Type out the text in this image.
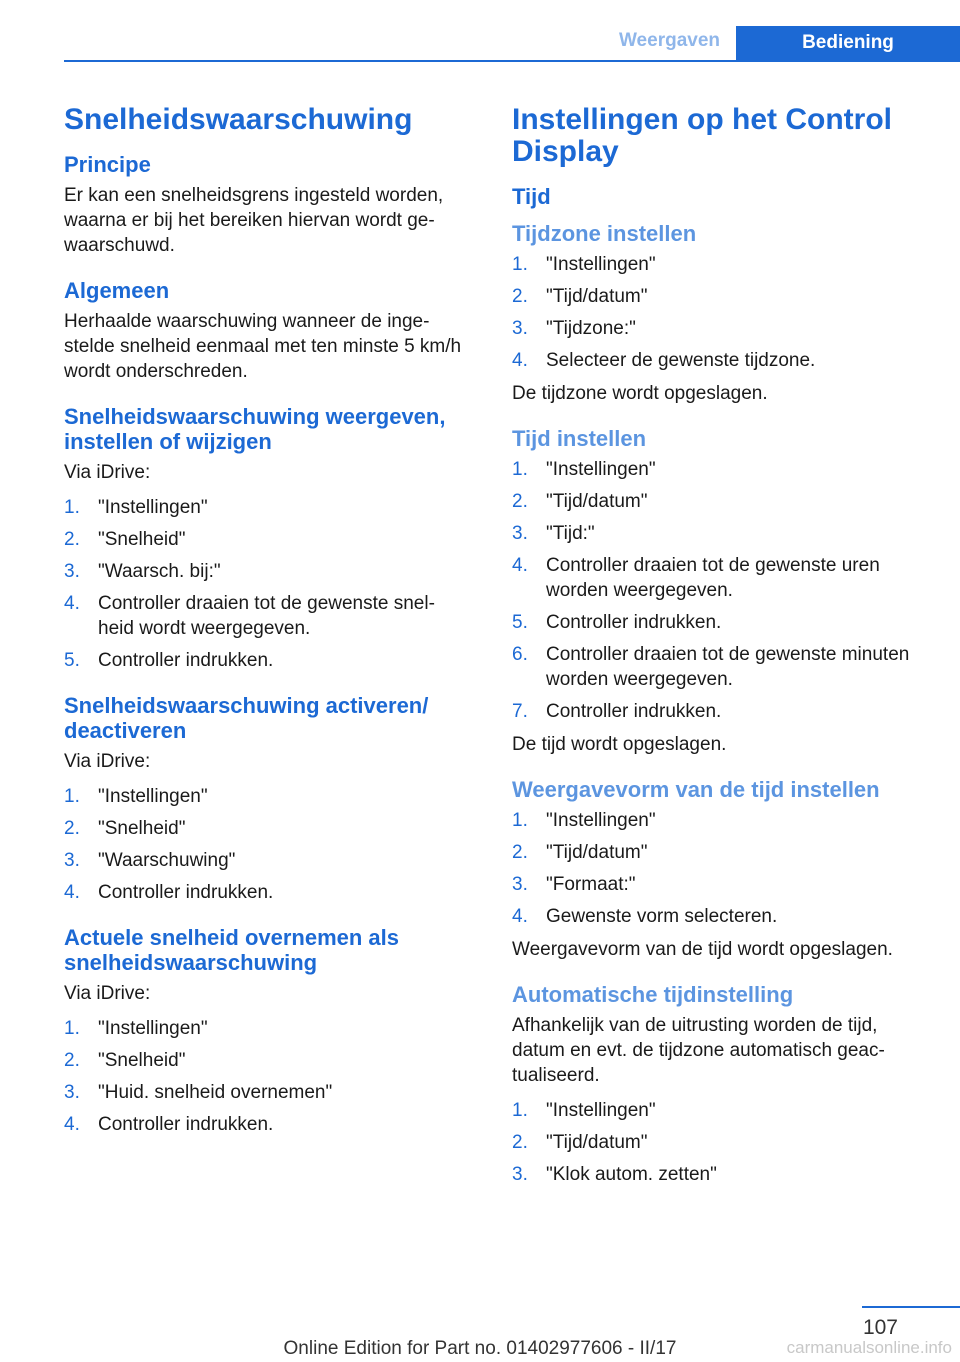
Weergaven	Bediening
Snelheidswaarschuwing
Principe

Er kan een snelheidsgrens ingesteld worden, waarna er bij het bereiken hiervan wordt gewaarschuwd.

Algemeen

Herhaalde waarschuwing wanneer de ingestelde snelheid eenmaal met ten minste 5 km/h wordt onderschreden.

Snelheidswaarschuwing weergeven, instellen of wijzigen

Via iDrive:

1. "Instellingen"
2. "Snelheid"
3. "Waarsch. bij:"
4. Controller draaien tot de gewenste snelheid wordt weergegeven.
5. Controller indrukken.
Snelheidswaarschuwing activeren/ deactiveren

Via iDrive:

1. "Instellingen"
2. "Snelheid"
3. "Waarschuwing"
4. Controller indrukken.
Actuele snelheid overnemen als snelheidswaarschuwing

Via iDrive:

1. "Instellingen"
2. "Snelheid"
3. "Huid. snelheid overnemen"
4. Controller indrukken.
Instellingen op het Control Display
Tijd
Tijdzone instellen
1. "Instellingen"
2. "Tijd/datum"
3. "Tijdzone:"
4. Selecteer de gewenste tijdzone.

De tijdzone wordt opgeslagen.

Tijd instellen
1. "Instellingen"
2. "Tijd/datum"
3. "Tijd:"
4. Controller draaien tot de gewenste uren worden weergegeven.
5. Controller indrukken.
6. Controller draaien tot de gewenste minuten worden weergegeven.
7. Controller indrukken.

De tijd wordt opgeslagen.

Weergavevorm van de tijd instellen
1. "Instellingen"
2. "Tijd/datum"
3. "Formaat:"
4. Gewenste vorm selecteren.

Weergavevorm van de tijd wordt opgeslagen.

Automatische tijdinstelling

Afhankelijk van de uitrusting worden de tijd, datum en evt. de tijdzone automatisch geactualiseerd.

1. "Instellingen"
2. "Tijd/datum"
3. "Klok autom. zetten"
107
Online Edition for Part no. 01402977606 - II/17	carmanualsonline.info
